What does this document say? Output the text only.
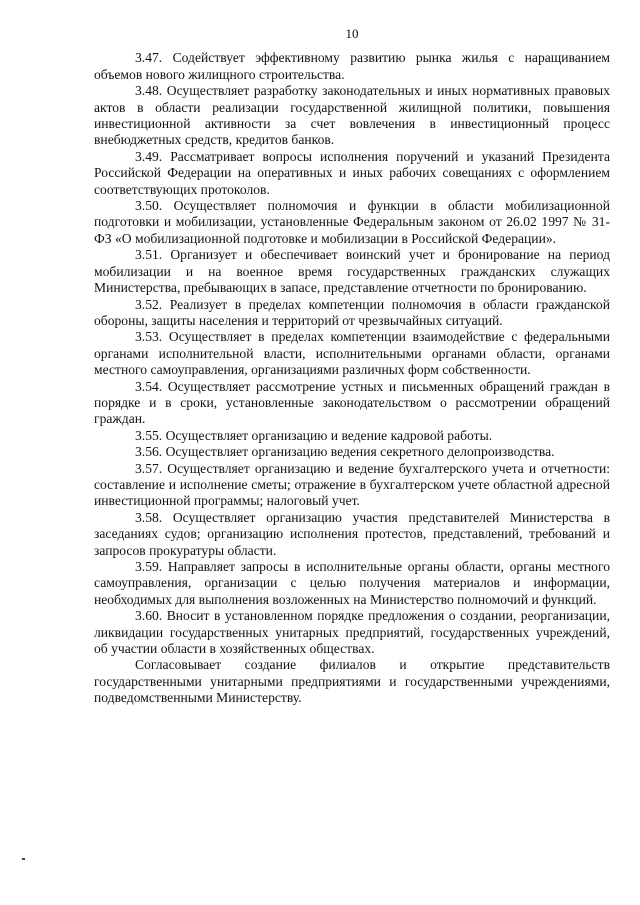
10

3.47. Содействует эффективному развитию рынка жилья с наращиванием объемов нового жилищного строительства.

3.48. Осуществляет разработку законодательных и иных нормативных правовых актов в области реализации государственной жилищной политики, повышения инвестиционной активности за счет вовлечения в инвестиционный процесс внебюджетных средств, кредитов банков.

3.49. Рассматривает вопросы исполнения поручений и указаний Президента Российской Федерации на оперативных и иных рабочих совещаниях с оформлением соответствующих протоколов.

3.50. Осуществляет полномочия и функции в области мобилизационной подготовки и мобилизации, установленные Федеральным законом от 26.02 1997 № 31-ФЗ «О мобилизационной подготовке и мобилизации в Российской Федерации».

3.51. Организует и обеспечивает воинский учет и бронирование на период мобилизации и на военное время государственных гражданских служащих Министерства, пребывающих в запасе, представление отчетности по бронированию.

3.52. Реализует в пределах компетенции полномочия в области гражданской обороны, защиты населения и территорий от чрезвычайных ситуаций.

3.53. Осуществляет в пределах компетенции взаимодействие с федеральными органами исполнительной власти, исполнительными органами области, органами местного самоуправления, организациями различных форм собственности.

3.54. Осуществляет рассмотрение устных и письменных обращений граждан в порядке и в сроки, установленные законодательством о рассмотрении обращений граждан.

3.55. Осуществляет организацию и ведение кадровой работы.

3.56. Осуществляет организацию ведения секретного делопроизводства.

3.57. Осуществляет организацию и ведение бухгалтерского учета и отчетности: составление и исполнение сметы; отражение в бухгалтерском учете областной адресной инвестиционной программы; налоговый учет.

3.58. Осуществляет организацию участия представителей Министерства в заседаниях судов; организацию исполнения протестов, представлений, требований и запросов прокуратуры области.

3.59. Направляет запросы в исполнительные органы области, органы местного самоуправления, организации с целью получения материалов и информации, необходимых для выполнения возложенных на Министерство полномочий и функций.

3.60. Вносит в установленном порядке предложения о создании, реорганизации, ликвидации государственных унитарных предприятий, государственных учреждений, об участии области в хозяйственных обществах.

Согласовывает создание филиалов и открытие представительств государственными унитарными предприятиями и государственными учреждениями, подведомственными Министерству.
